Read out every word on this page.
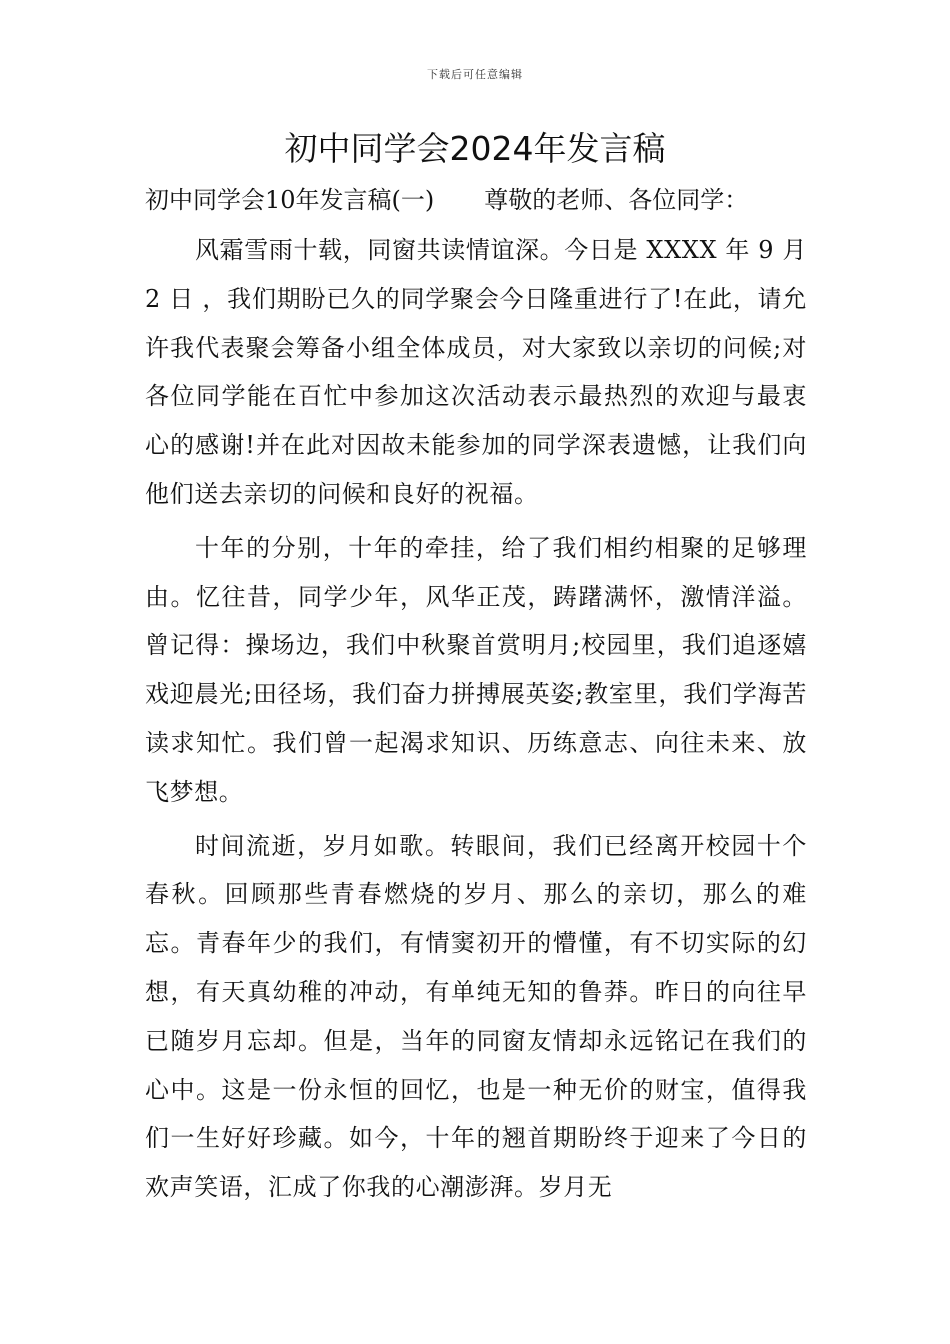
下载后可任意编辑
初中同学会2024年发言稿
初中同学会10年发言稿(一) 尊敬的老师、各位同学：

风霜雪雨十载，同窗共读情谊深。今日是 XXXX 年 9 月 2 日 ，我们期盼已久的同学聚会今日隆重进行了!在此，请允许我代表聚会筹备小组全体成员，对大家致以亲切的问候;对各位同学能在百忙中参加这次活动表示最热烈的欢迎与最衷心的感谢!并在此对因故未能参加的同学深表遗憾，让我们向他们送去亲切的问候和良好的祝福。

十年的分别，十年的牵挂，给了我们相约相聚的足够理由。忆往昔，同学少年，风华正茂，踌躇满怀，激情洋溢。曾记得：操场边，我们中秋聚首赏明月;校园里，我们追逐嬉戏迎晨光;田径场，我们奋力拼搏展英姿;教室里，我们学海苦读求知忙。我们曾一起渴求知识、历练意志、向往未来、放飞梦想。

时间流逝，岁月如歌。转眼间，我们已经离开校园十个春秋。回顾那些青春燃烧的岁月、那么的亲切，那么的难忘。青春年少的我们，有情窦初开的懵懂，有不切实际的幻想，有天真幼稚的冲动，有单纯无知的鲁莽。昨日的向往早已随岁月忘却。但是，当年的同窗友情却永远铭记在我们的心中。这是一份永恒的回忆，也是一种无价的财宝，值得我们一生好好珍藏。如今，十年的翘首期盼终于迎来了今日的欢声笑语，汇成了你我的心潮澎湃。岁月无
